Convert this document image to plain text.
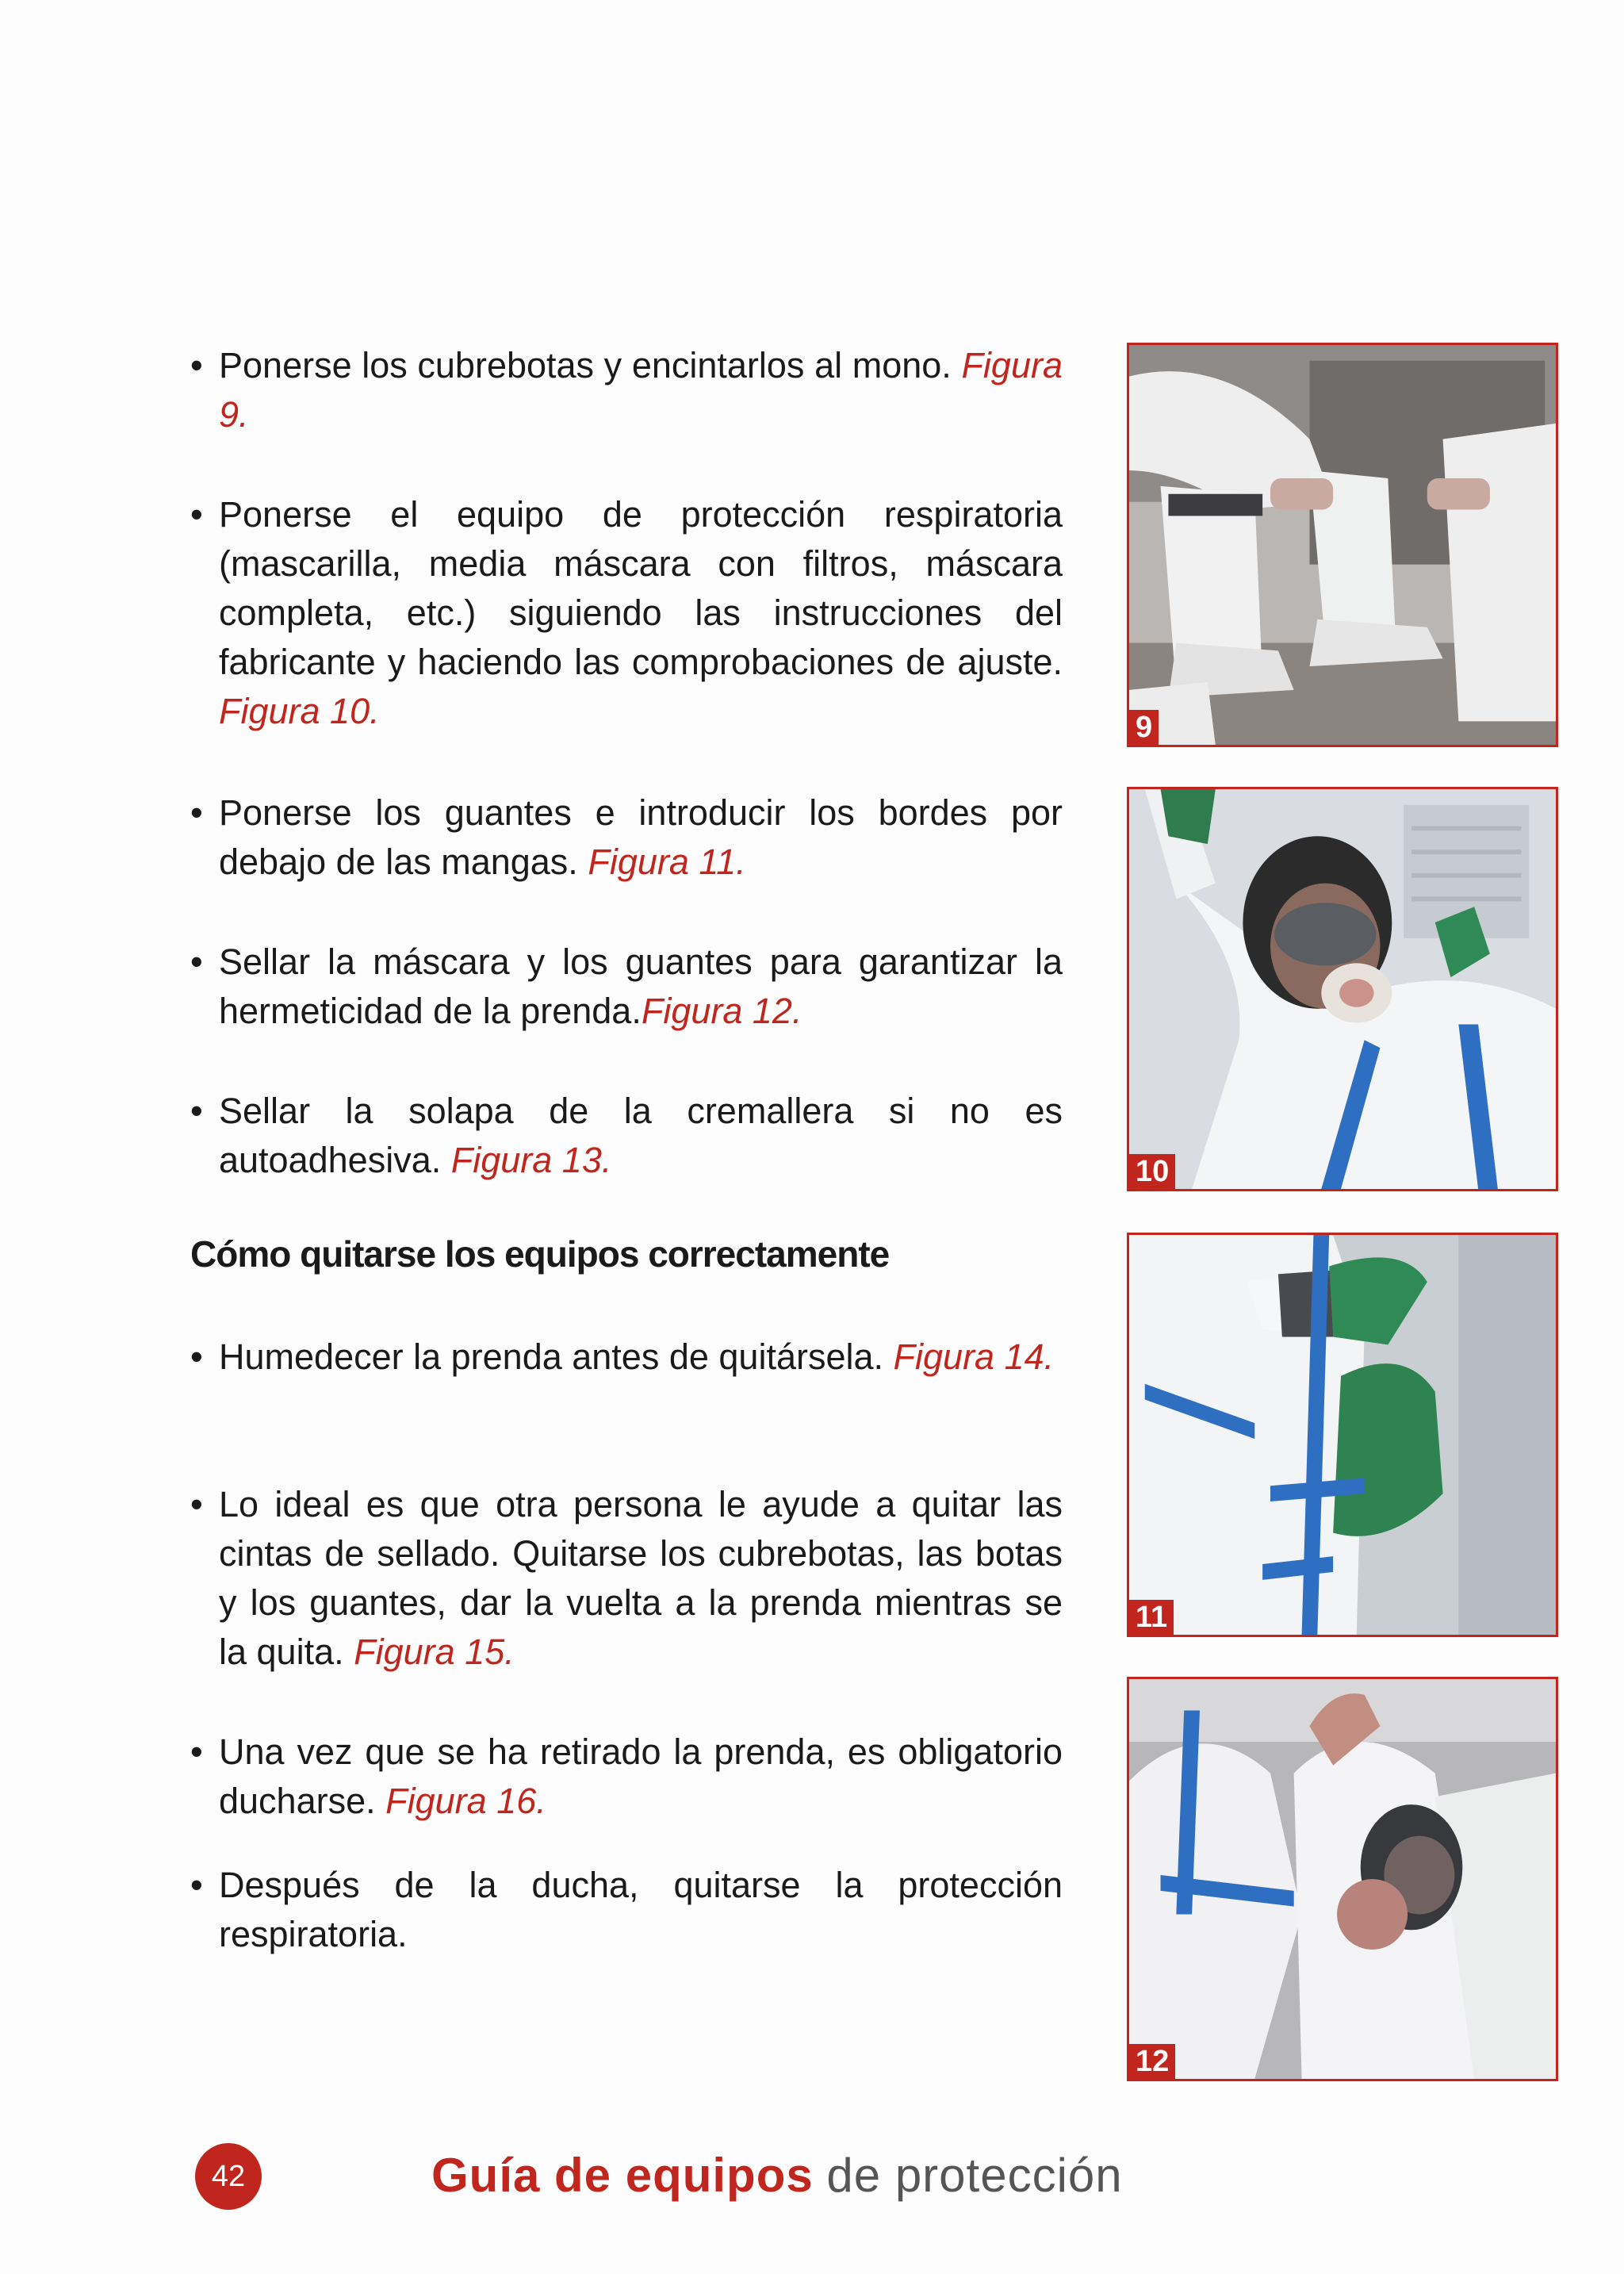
• Ponerse los cubrebotas y encintarlos al mono. Figura 9.
• Ponerse el equipo de protección respiratoria (mascarilla, media máscara con filtros, máscara completa, etc.) siguiendo las instrucciones del fabricante y haciendo las comprobaciones de ajuste. Figura 10.
• Ponerse los guantes e introducir los bordes por debajo de las mangas. Figura 11.
• Sellar la máscara y los guantes para garantizar la hermeticidad de la prenda.Figura 12.
• Sellar la solapa de la cremallera si no es autoadhesiva. Figura 13.
Cómo quitarse los equipos correctamente
• Humedecer la prenda antes de quitársela. Figura 14.
• Lo ideal es que otra persona le ayude a quitar las cintas de sellado. Quitarse los cubrebotas, las botas y los guantes, dar la vuelta a la prenda mientras se la quita. Figura 15.
• Una vez que se ha retirado la prenda, es obligatorio ducharse. Figura 16.
• Después de la ducha, quitarse la protección respiratoria.
9
10
11
12
42	Guía de equipos de protección
